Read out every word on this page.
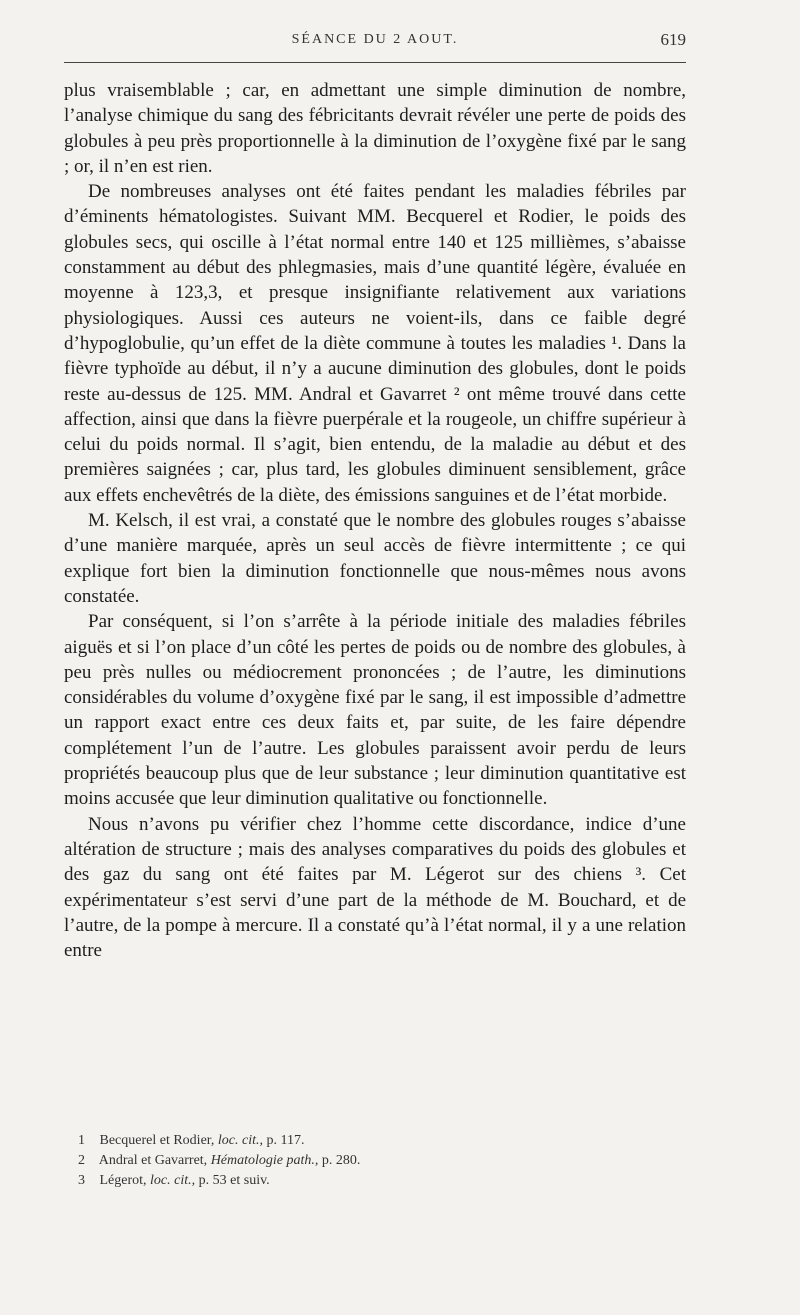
SÉANCE DU 2 AOUT.	619

plus vraisemblable ; car, en admettant une simple diminution de nombre, l’analyse chimique du sang des fébricitants devrait révéler une perte de poids des globules à peu près proportionnelle à la diminution de l’oxygène fixé par le sang ; or, il n’en est rien.

De nombreuses analyses ont été faites pendant les maladies fébriles par d’éminents hématologistes. Suivant MM. Becquerel et Rodier, le poids des globules secs, qui oscille à l’état normal entre 140 et 125 millièmes, s’abaisse constamment au début des phlegmasies, mais d’une quantité légère, évaluée en moyenne à 123,3, et presque insignifiante relativement aux variations physiologiques. Aussi ces auteurs ne voient-ils, dans ce faible degré d’hypoglobulie, qu’un effet de la diète commune à toutes les maladies ¹. Dans la fièvre typhoïde au début, il n’y a aucune diminution des globules, dont le poids reste au-dessus de 125. MM. Andral et Gavarret ² ont même trouvé dans cette affection, ainsi que dans la fièvre puerpérale et la rougeole, un chiffre supérieur à celui du poids normal. Il s’agit, bien entendu, de la maladie au début et des premières saignées ; car, plus tard, les globules diminuent sensiblement, grâce aux effets enchevêtrés de la diète, des émissions sanguines et de l’état morbide.

M. Kelsch, il est vrai, a constaté que le nombre des globules rouges s’abaisse d’une manière marquée, après un seul accès de fièvre intermittente ; ce qui explique fort bien la diminution fonctionnelle que nous-mêmes nous avons constatée.

Par conséquent, si l’on s’arrête à la période initiale des maladies fébriles aiguës et si l’on place d’un côté les pertes de poids ou de nombre des globules, à peu près nulles ou médiocrement prononcées ; de l’autre, les diminutions considérables du volume d’oxygène fixé par le sang, il est impossible d’admettre un rapport exact entre ces deux faits et, par suite, de les faire dépendre complétement l’un de l’autre. Les globules paraissent avoir perdu de leurs propriétés beaucoup plus que de leur substance ; leur diminution quantitative est moins accusée que leur diminution qualitative ou fonctionnelle.

Nous n’avons pu vérifier chez l’homme cette discordance, indice d’une altération de structure ; mais des analyses comparatives du poids des globules et des gaz du sang ont été faites par M. Légerot sur des chiens ³. Cet expérimentateur s’est servi d’une part de la méthode de M. Bouchard, et de l’autre, de la pompe à mercure. Il a constaté qu’à l’état normal, il y a une relation entre

1 Becquerel et Rodier, loc. cit., p. 117.

2 Andral et Gavarret, Hématologie path., p. 280.

3 Légerot, loc. cit., p. 53 et suiv.
